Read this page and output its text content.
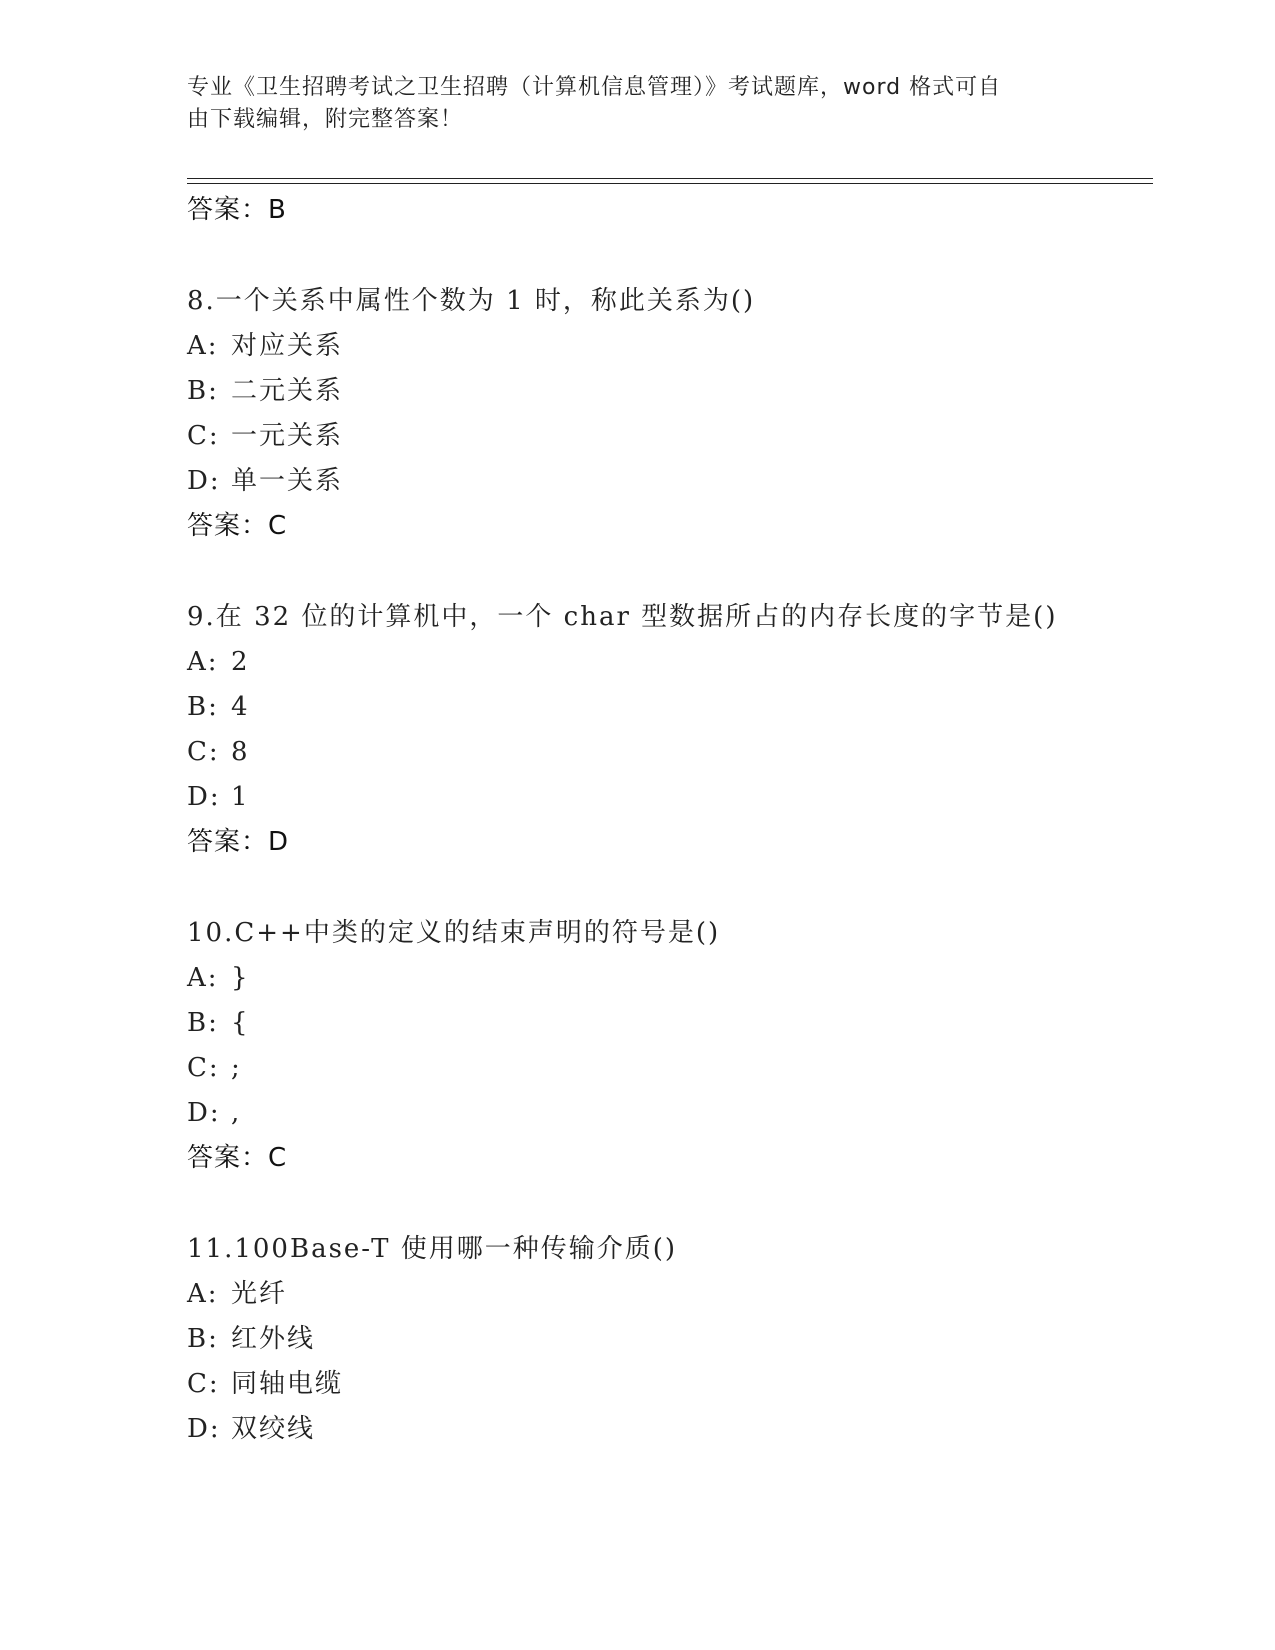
专业《卫生招聘考试之卫生招聘（计算机信息管理）》考试题库，word 格式可自
由下载编辑，附完整答案！
答案：B
8.一个关系中属性个数为 1 时，称此关系为()
A: 对应关系
B: 二元关系
C: 一元关系
D: 单一关系
答案：C
9.在 32 位的计算机中，一个 char 型数据所占的内存长度的字节是()
A: 2
B: 4
C: 8
D: 1
答案：D
10.C++中类的定义的结束声明的符号是()
A: }
B: {
C: ;
D: ,
答案：C
11.100Base-T 使用哪一种传输介质()
A: 光纤
B: 红外线
C: 同轴电缆
D: 双绞线
